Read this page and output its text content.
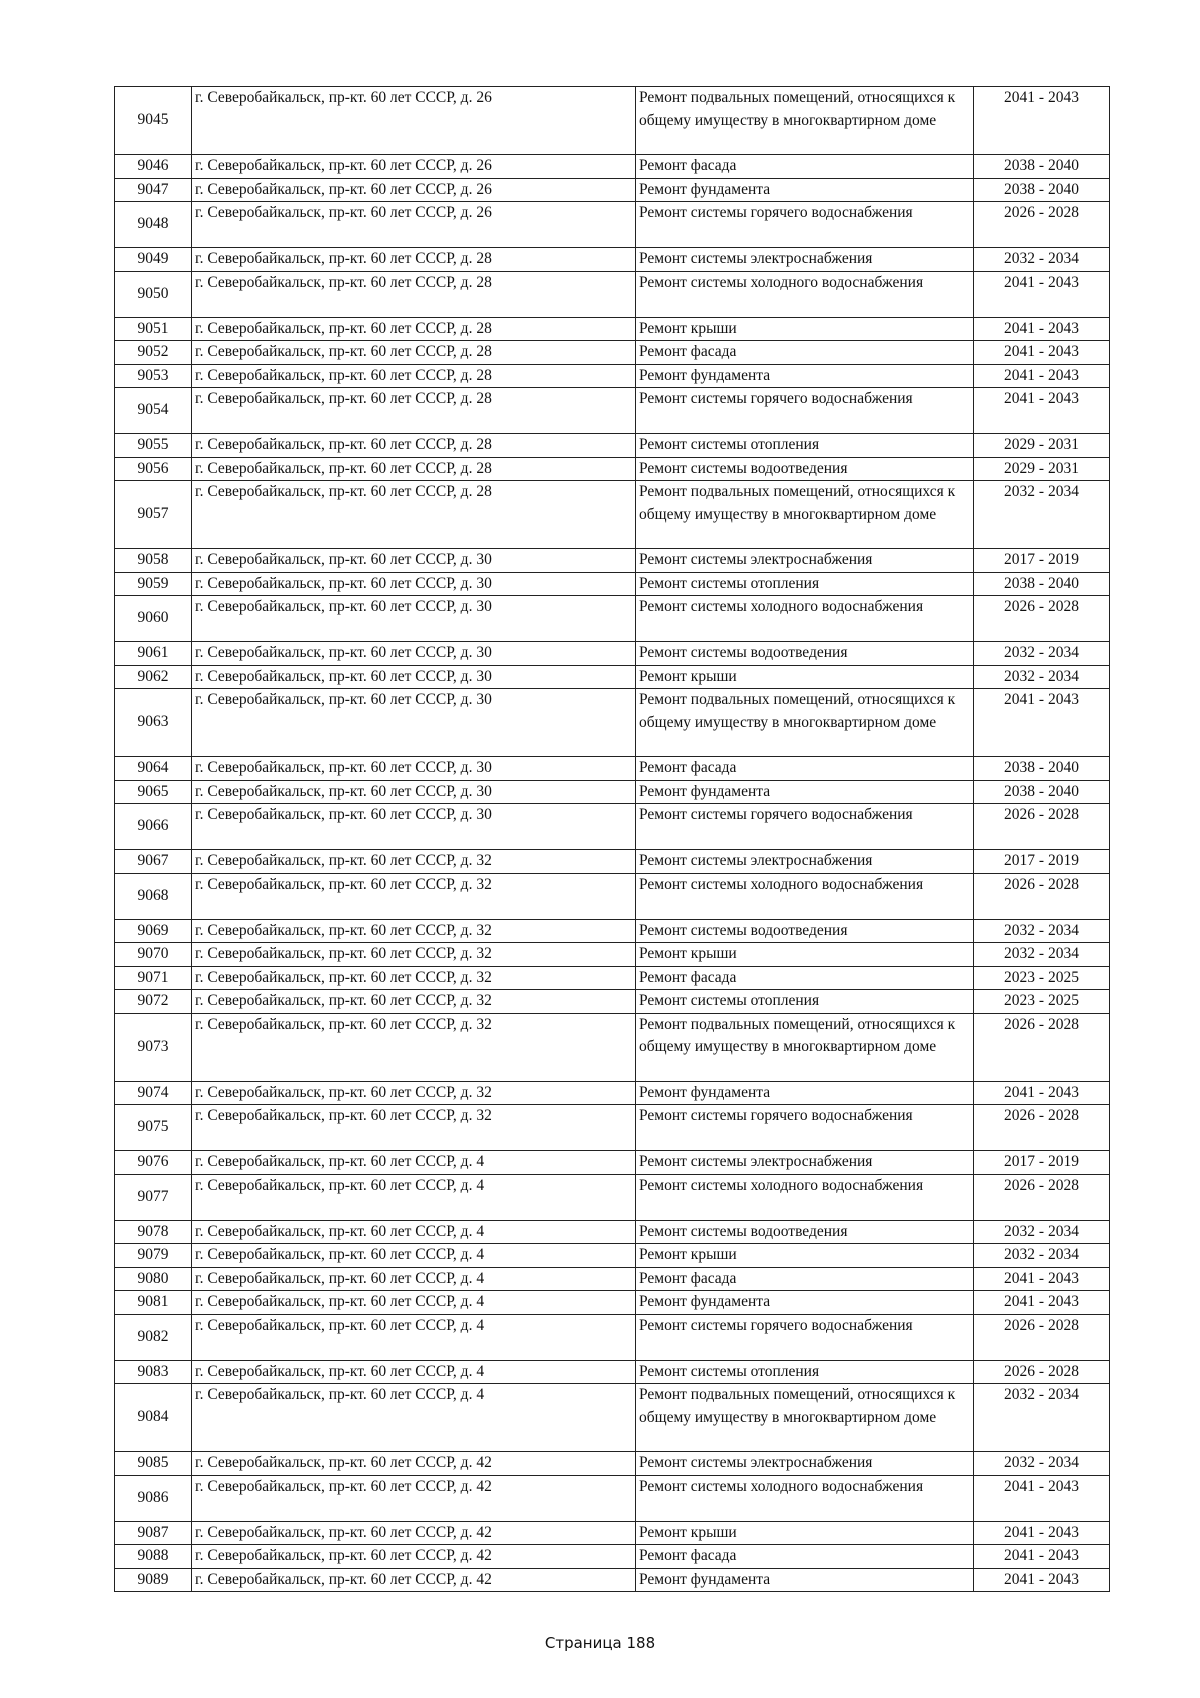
9045	г. Северобайкальск, пр-кт. 60 лет СССР, д. 26	Ремонт подвальных помещений, относящихся к общему имуществу в многоквартирном доме	2041 - 2043
9046	г. Северобайкальск, пр-кт. 60 лет СССР, д. 26	Ремонт фасада	2038 - 2040
9047	г. Северобайкальск, пр-кт. 60 лет СССР, д. 26	Ремонт фундамента	2038 - 2040
9048	г. Северобайкальск, пр-кт. 60 лет СССР, д. 26	Ремонт системы горячего водоснабжения	2026 - 2028
9049	г. Северобайкальск, пр-кт. 60 лет СССР, д. 28	Ремонт системы электроснабжения	2032 - 2034
9050	г. Северобайкальск, пр-кт. 60 лет СССР, д. 28	Ремонт системы холодного водоснабжения	2041 - 2043
9051	г. Северобайкальск, пр-кт. 60 лет СССР, д. 28	Ремонт крыши	2041 - 2043
9052	г. Северобайкальск, пр-кт. 60 лет СССР, д. 28	Ремонт фасада	2041 - 2043
9053	г. Северобайкальск, пр-кт. 60 лет СССР, д. 28	Ремонт фундамента	2041 - 2043
9054	г. Северобайкальск, пр-кт. 60 лет СССР, д. 28	Ремонт системы горячего водоснабжения	2041 - 2043
9055	г. Северобайкальск, пр-кт. 60 лет СССР, д. 28	Ремонт системы отопления	2029 - 2031
9056	г. Северобайкальск, пр-кт. 60 лет СССР, д. 28	Ремонт системы водоотведения	2029 - 2031
9057	г. Северобайкальск, пр-кт. 60 лет СССР, д. 28	Ремонт подвальных помещений, относящихся к общему имуществу в многоквартирном доме	2032 - 2034
9058	г. Северобайкальск, пр-кт. 60 лет СССР, д. 30	Ремонт системы электроснабжения	2017 - 2019
9059	г. Северобайкальск, пр-кт. 60 лет СССР, д. 30	Ремонт системы отопления	2038 - 2040
9060	г. Северобайкальск, пр-кт. 60 лет СССР, д. 30	Ремонт системы холодного водоснабжения	2026 - 2028
9061	г. Северобайкальск, пр-кт. 60 лет СССР, д. 30	Ремонт системы водоотведения	2032 - 2034
9062	г. Северобайкальск, пр-кт. 60 лет СССР, д. 30	Ремонт крыши	2032 - 2034
9063	г. Северобайкальск, пр-кт. 60 лет СССР, д. 30	Ремонт подвальных помещений, относящихся к общему имуществу в многоквартирном доме	2041 - 2043
9064	г. Северобайкальск, пр-кт. 60 лет СССР, д. 30	Ремонт фасада	2038 - 2040
9065	г. Северобайкальск, пр-кт. 60 лет СССР, д. 30	Ремонт фундамента	2038 - 2040
9066	г. Северобайкальск, пр-кт. 60 лет СССР, д. 30	Ремонт системы горячего водоснабжения	2026 - 2028
9067	г. Северобайкальск, пр-кт. 60 лет СССР, д. 32	Ремонт системы электроснабжения	2017 - 2019
9068	г. Северобайкальск, пр-кт. 60 лет СССР, д. 32	Ремонт системы холодного водоснабжения	2026 - 2028
9069	г. Северобайкальск, пр-кт. 60 лет СССР, д. 32	Ремонт системы водоотведения	2032 - 2034
9070	г. Северобайкальск, пр-кт. 60 лет СССР, д. 32	Ремонт крыши	2032 - 2034
9071	г. Северобайкальск, пр-кт. 60 лет СССР, д. 32	Ремонт фасада	2023 - 2025
9072	г. Северобайкальск, пр-кт. 60 лет СССР, д. 32	Ремонт системы отопления	2023 - 2025
9073	г. Северобайкальск, пр-кт. 60 лет СССР, д. 32	Ремонт подвальных помещений, относящихся к общему имуществу в многоквартирном доме	2026 - 2028
9074	г. Северобайкальск, пр-кт. 60 лет СССР, д. 32	Ремонт фундамента	2041 - 2043
9075	г. Северобайкальск, пр-кт. 60 лет СССР, д. 32	Ремонт системы горячего водоснабжения	2026 - 2028
9076	г. Северобайкальск, пр-кт. 60 лет СССР, д. 4	Ремонт системы электроснабжения	2017 - 2019
9077	г. Северобайкальск, пр-кт. 60 лет СССР, д. 4	Ремонт системы холодного водоснабжения	2026 - 2028
9078	г. Северобайкальск, пр-кт. 60 лет СССР, д. 4	Ремонт системы водоотведения	2032 - 2034
9079	г. Северобайкальск, пр-кт. 60 лет СССР, д. 4	Ремонт крыши	2032 - 2034
9080	г. Северобайкальск, пр-кт. 60 лет СССР, д. 4	Ремонт фасада	2041 - 2043
9081	г. Северобайкальск, пр-кт. 60 лет СССР, д. 4	Ремонт фундамента	2041 - 2043
9082	г. Северобайкальск, пр-кт. 60 лет СССР, д. 4	Ремонт системы горячего водоснабжения	2026 - 2028
9083	г. Северобайкальск, пр-кт. 60 лет СССР, д. 4	Ремонт системы отопления	2026 - 2028
9084	г. Северобайкальск, пр-кт. 60 лет СССР, д. 4	Ремонт подвальных помещений, относящихся к общему имуществу в многоквартирном доме	2032 - 2034
9085	г. Северобайкальск, пр-кт. 60 лет СССР, д. 42	Ремонт системы электроснабжения	2032 - 2034
9086	г. Северобайкальск, пр-кт. 60 лет СССР, д. 42	Ремонт системы холодного водоснабжения	2041 - 2043
9087	г. Северобайкальск, пр-кт. 60 лет СССР, д. 42	Ремонт крыши	2041 - 2043
9088	г. Северобайкальск, пр-кт. 60 лет СССР, д. 42	Ремонт фасада	2041 - 2043
9089	г. Северобайкальск, пр-кт. 60 лет СССР, д. 42	Ремонт фундамента	2041 - 2043
Страница 188
